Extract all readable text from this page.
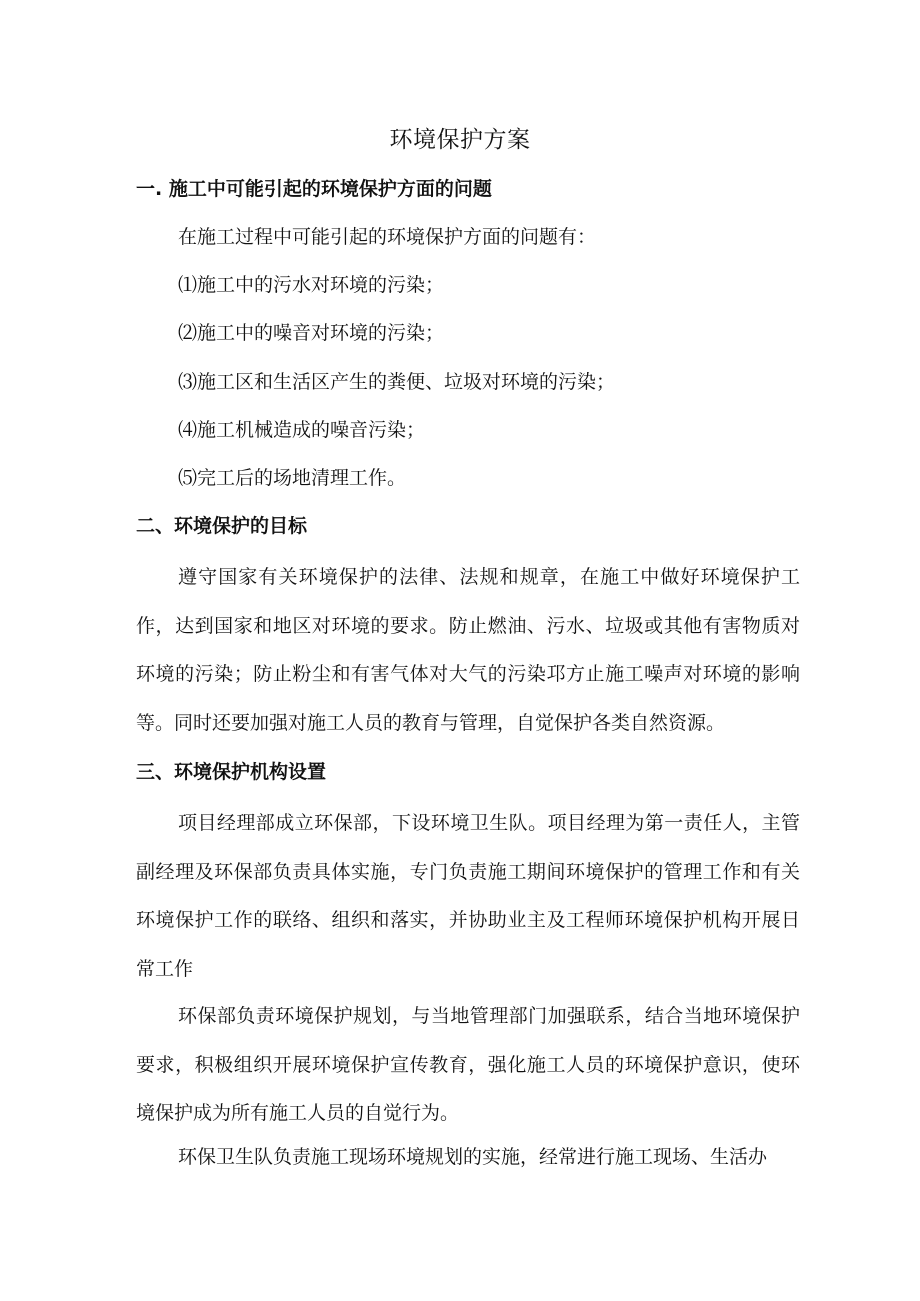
环境保护方案
一. 施工中可能引起的环境保护方面的问题
在施工过程中可能引起的环境保护方面的问题有：
⑴施工中的污水对环境的污染；
⑵施工中的噪音对环境的污染；
⑶施工区和生活区产生的粪便、垃圾对环境的污染；
⑷施工机械造成的噪音污染；
⑸完工后的场地清理工作。
二、环境保护的目标
遵守国家有关环境保护的法律、法规和规章，在施工中做好环境保护工作，达到国家和地区对环境的要求。防止燃油、污水、垃圾或其他有害物质对环境的污染；防止粉尘和有害气体对大气的污染邛方止施工噪声对环境的影响等。同时还要加强对施工人员的教育与管理，自觉保护各类自然资源。
三、环境保护机构设置
项目经理部成立环保部，下设环境卫生队。项目经理为第一责任人，主管副经理及环保部负责具体实施，专门负责施工期间环境保护的管理工作和有关环境保护工作的联络、组织和落实，并协助业主及工程师环境保护机构开展日常工作
环保部负责环境保护规划，与当地管理部门加强联系，结合当地环境保护要求，积极组织开展环境保护宣传教育，强化施工人员的环境保护意识，使环境保护成为所有施工人员的自觉行为。
环保卫生队负责施工现场环境规划的实施，经常进行施工现场、生活办
